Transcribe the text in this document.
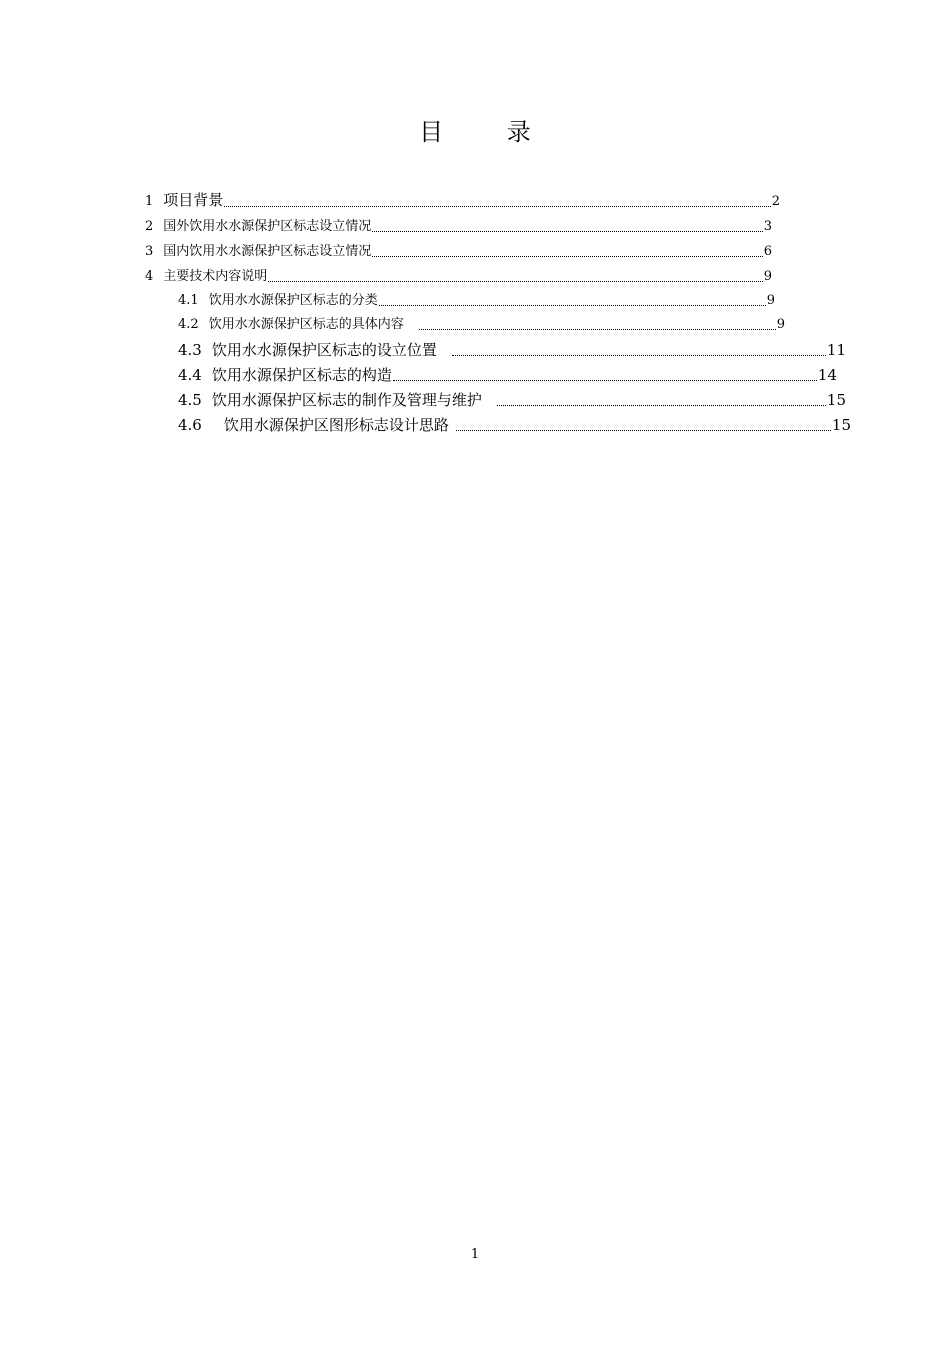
目 录
1 项目背景	2
2 国外饮用水水源保护区标志设立情况	3
3 国内饮用水水源保护区标志设立情况	6
4 主要技术内容说明	9
4.1 饮用水水源保护区标志的分类	9
4.2 饮用水水源保护区标志的具体内容	9
4.3 饮用水水源保护区标志的设立位置	11
4.4 饮用水源保护区标志的构造	14
4.5 饮用水源保护区标志的制作及管理与维护	15
4.6 饮用水源保护区图形标志设计思路	15
1
